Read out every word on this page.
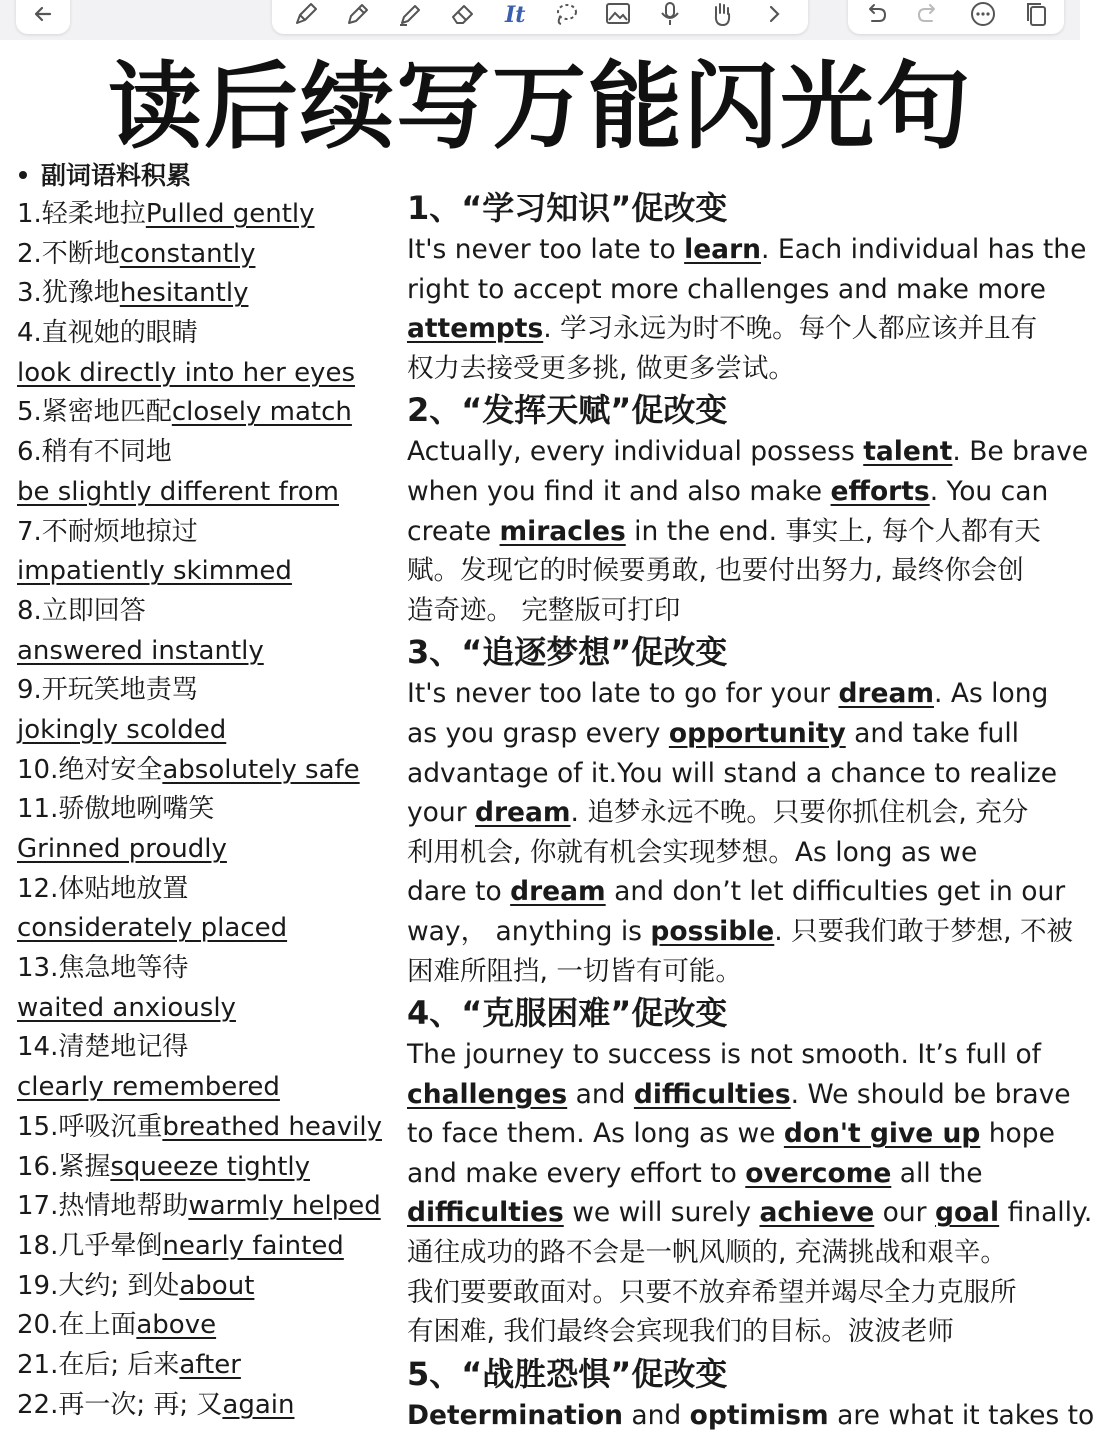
It
读后续写万能闪光句
副词语料积累
1.轻柔地拉Pulled gently
2.不断地constantly
3.犹豫地hesitantly
4.直视她的眼睛
look directly into her eyes
5.紧密地匹配closely match
6.稍有不同地
be slightly different from
7.不耐烦地掠过
impatiently skimmed
8.立即回答
answered instantly
9.开玩笑地责骂
jokingly scolded
10.绝对安全absolutely safe
11.骄傲地咧嘴笑
Grinned proudly
12.体贴地放置
considerately placed
13.焦急地等待
waited anxiously
14.清楚地记得
clearly remembered
15.呼吸沉重breathed heavily
16.紧握squeeze tightly
17.热情地帮助warmly helped
18.几乎晕倒nearly fainted
19.大约; 到处about
20.在上面above
21.在后; 后来after
22.再一次; 再; 又again
1、“学习知识”促改变
It's never too late to learn. Each individual has the
right to accept more challenges and make more
attempts. 学习永远为时不晚。每个人都应该并且有
权力去接受更多挑, 做更多尝试。
2、“发挥天赋”促改变
Actually, every individual possess talent. Be brave
when you find it and also make efforts. You can
create miracles in the end. 事实上, 每个人都有天
赋。发现它的时候要勇敢, 也要付出努力, 最终你会创
造奇迹。 完整版可打印
3、“追逐梦想”促改变
It's never too late to go for your dream. As long
as you grasp every opportunity and take full
advantage of it.You will stand a chance to realize
your dream. 追梦永远不晚。只要你抓住机会, 充分
利用机会, 你就有机会实现梦想。As long as we
dare to dream and don’t let difficulties get in our
way， anything is possible. 只要我们敢于梦想, 不被
困难所阻挡, 一切皆有可能。
4、“克服困难”促改变
The journey to success is not smooth. It’s full of
challenges and difficulties. We should be brave
to face them. As long as we don't give up hope
and make every effort to overcome all the
difficulties we will surely achieve our goal finally.
通往成功的路不会是一帆风顺的, 充满挑战和艰辛。
我们要要敢面对。只要不放弃希望并竭尽全力克服所
有困难, 我们最终会宾现我们的目标。波波老师
5、“战胜恐惧”促改变
Determination and optimism are what it takes to
